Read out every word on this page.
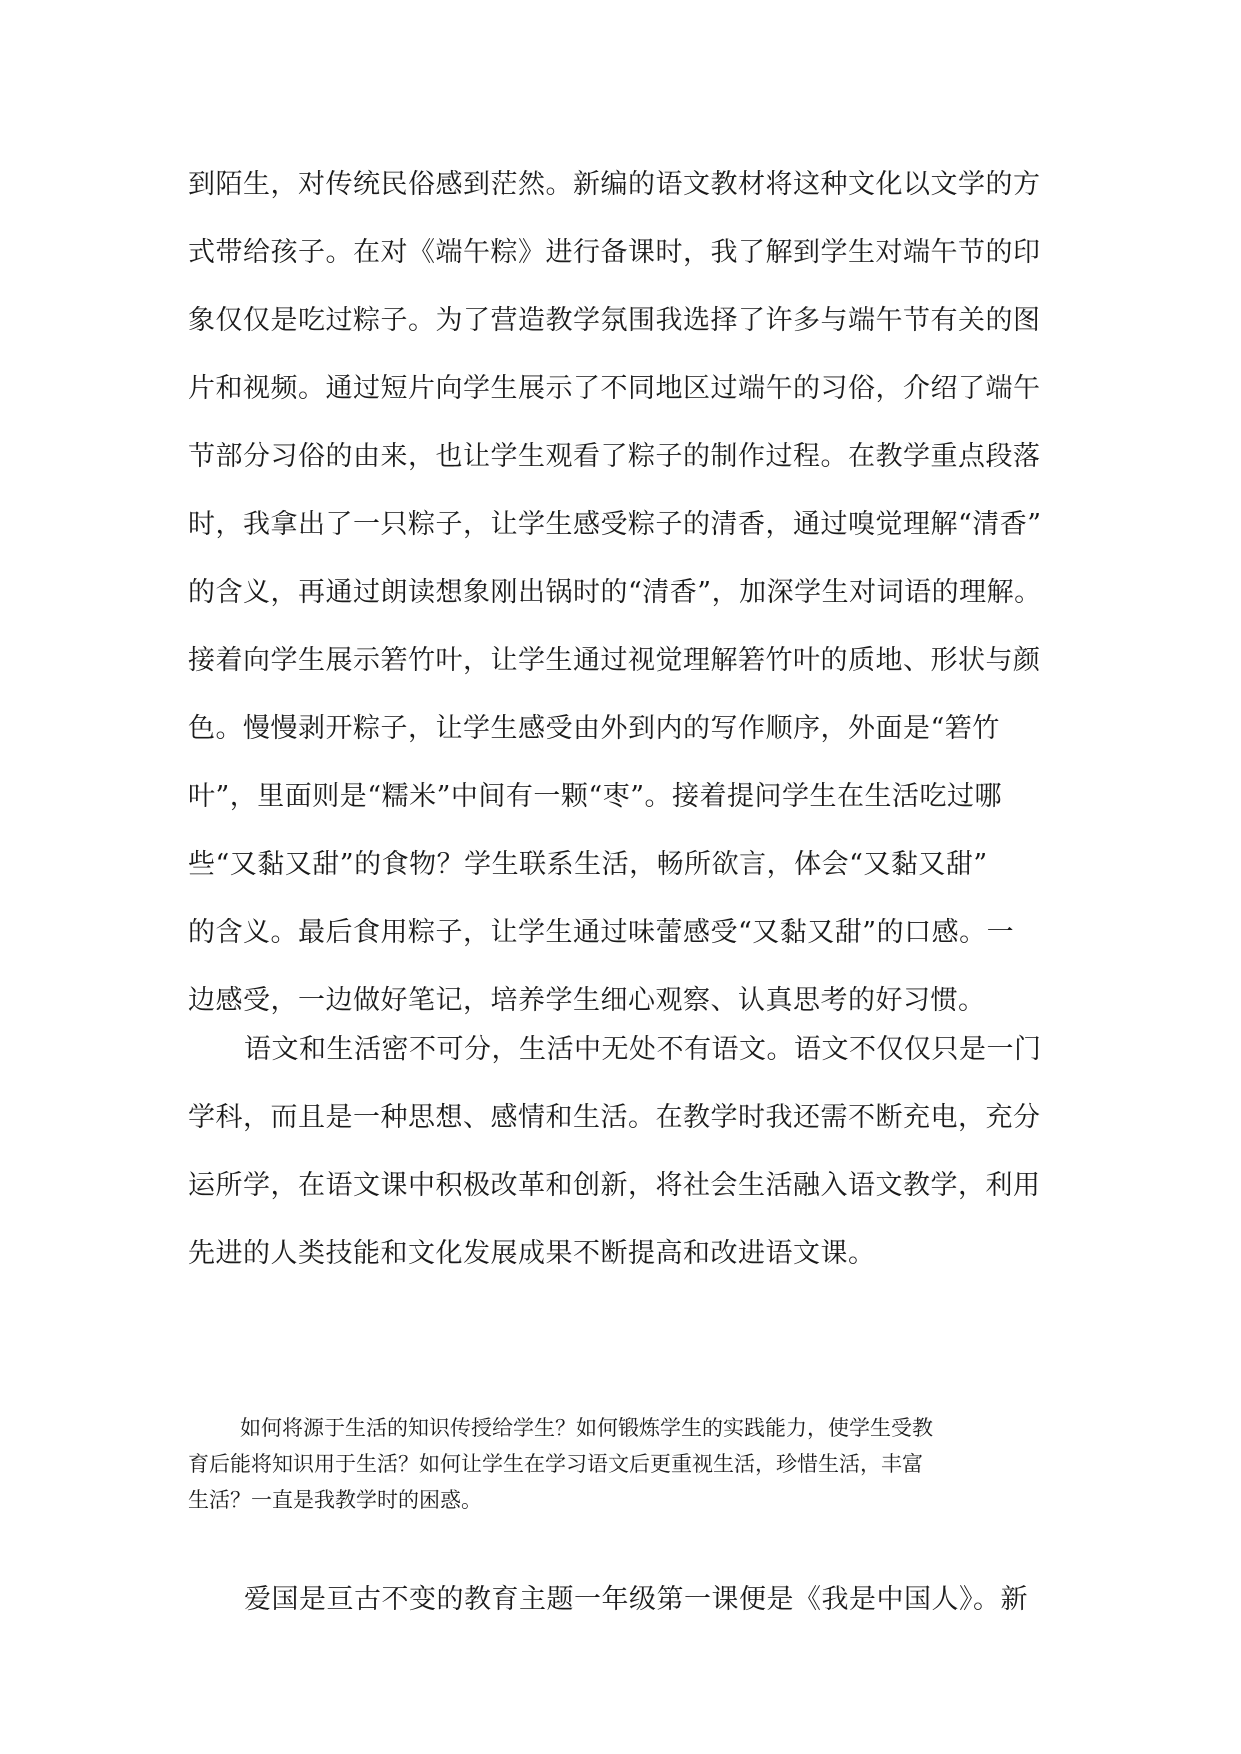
到陌生，对传统民俗感到茫然。新编的语文教材将这种文化以文学的方
式带给孩子。在对《端午粽》进行备课时，我了解到学生对端午节的印
象仅仅是吃过粽子。为了营造教学氛围我选择了许多与端午节有关的图
片和视频。通过短片向学生展示了不同地区过端午的习俗，介绍了端午
节部分习俗的由来，也让学生观看了粽子的制作过程。在教学重点段落
时，我拿出了一只粽子，让学生感受粽子的清香，通过嗅觉理解“清香”
的含义，再通过朗读想象刚出锅时的“清香”，加深学生对词语的理解。
接着向学生展示箬竹叶，让学生通过视觉理解箬竹叶的质地、形状与颜
色。慢慢剥开粽子，让学生感受由外到内的写作顺序，外面是“箬竹
叶”，里面则是“糯米”中间有一颗“枣”。接着提问学生在生活吃过哪
些“又黏又甜”的食物？学生联系生活，畅所欲言，体会“又黏又甜”
的含义。最后食用粽子，让学生通过味蕾感受“又黏又甜”的口感。一
边感受，一边做好笔记，培养学生细心观察、认真思考的好习惯。
语文和生活密不可分，生活中无处不有语文。语文不仅仅只是一门
学科，而且是一种思想、感情和生活。在教学时我还需不断充电，充分
运所学，在语文课中积极改革和创新，将社会生活融入语文教学，利用
先进的人类技能和文化发展成果不断提高和改进语文课。
如何将源于生活的知识传授给学生？如何锻炼学生的实践能力，使学生受教
育后能将知识用于生活？如何让学生在学习语文后更重视生活，珍惜生活，丰富
生活？一直是我教学时的困惑。
爱国是亘古不变的教育主题一年级第一课便是《我是中国人》。新
